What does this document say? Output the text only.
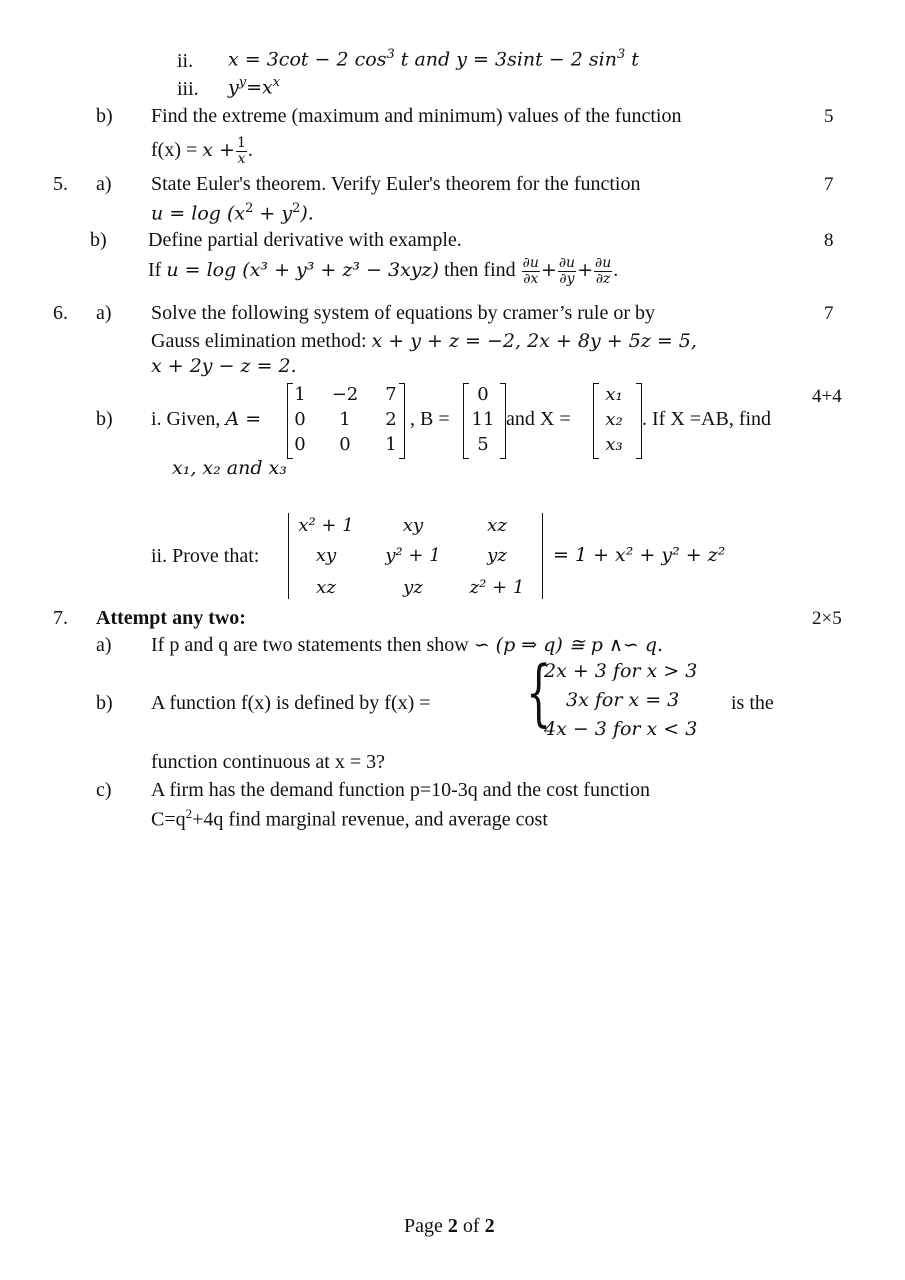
ii. x = 3cot − 2 $\cos^3 t$ and y = 3sint − 2 $\sin^3 t$
iii. $y^y=x^x$
b) Find the extreme (maximum and minimum) values of the function	5
$f(x) = x + \frac{1}{x}$ .
5. a) State Euler's theorem. Verify Euler's theorem for the function	7
$u = \log (x^2 + y^2)$.
b) Define partial derivative with example.	8
If u = log (x³ + y³ + z³ − 3xyz) then find $\frac{\partial u}{\partial x} + \frac{\partial u}{\partial y} + \frac{\partial u}{\partial z}$ .
6. a) Solve the following system of equations by cramer’s rule or by	7
Gauss elimination method: x + y + z = −2, 2x + 8y + 5z = 5,
x + 2y − z = 2.
b)
4+4
i. Given, A =
1	−2	7
0	1	2
0	0	1
, B =
0
11
5
and X =
x₁
x₂
x₃
. If X =AB, find
x₁, x₂ and x₃
ii. Prove that:
x² + 1	xy	xz
xy	y² + 1	yz
xz	yz	z² + 1
= 1 + x² + y² + z²
7. Attempt any two:	2×5
a) If p and q are two statements then show ∽ (p ⇒ q) ≅ p ∧∽ q.
b) A function f(x) is defined by f(x) = {
2x + 3 for x > 3
3x for x = 3
4x − 3 for x < 3
is the
function continuous at x = 3?
c) A firm has the demand function p=10-3q and the cost function
$C=q^2+4q$ find marginal revenue, and average cost
Page 2 of 2
